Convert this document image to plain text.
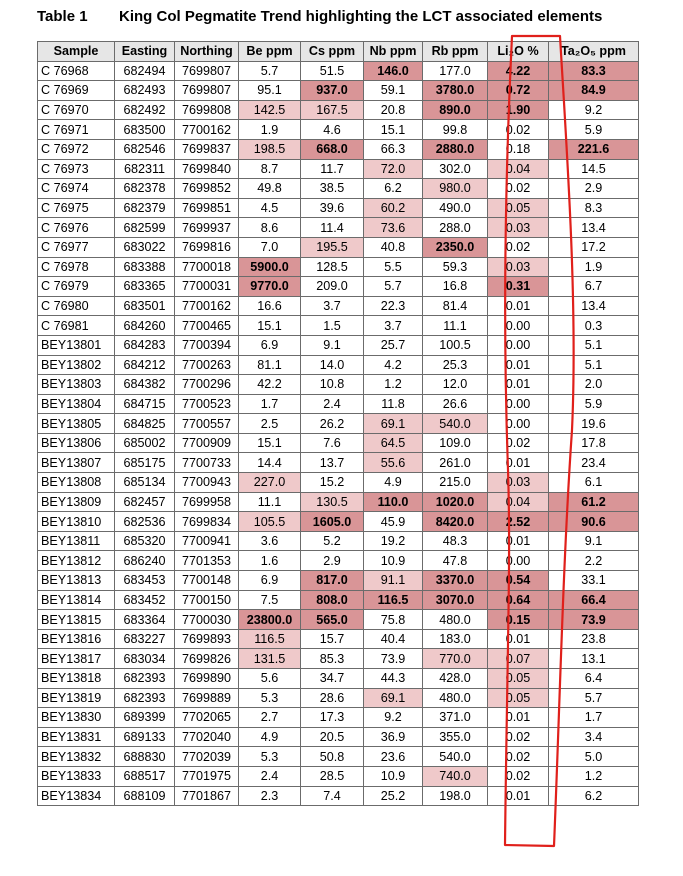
Table 1 King Col Pegmatite Trend highlighting the LCT associated elements
Sample	Easting	Northing	Be ppm	Cs ppm	Nb ppm	Rb ppm	Li₂O %	Ta₂O₅ ppm
C 76968	682494	7699807	5.7	51.5	146.0	177.0	4.22	83.3
C 76969	682493	7699807	95.1	937.0	59.1	3780.0	0.72	84.9
C 76970	682492	7699808	142.5	167.5	20.8	890.0	1.90	9.2
C 76971	683500	7700162	1.9	4.6	15.1	99.8	0.02	5.9
C 76972	682546	7699837	198.5	668.0	66.3	2880.0	0.18	221.6
C 76973	682311	7699840	8.7	11.7	72.0	302.0	0.04	14.5
C 76974	682378	7699852	49.8	38.5	6.2	980.0	0.02	2.9
C 76975	682379	7699851	4.5	39.6	60.2	490.0	0.05	8.3
C 76976	682599	7699937	8.6	11.4	73.6	288.0	0.03	13.4
C 76977	683022	7699816	7.0	195.5	40.8	2350.0	0.02	17.2
C 76978	683388	7700018	5900.0	128.5	5.5	59.3	0.03	1.9
C 76979	683365	7700031	9770.0	209.0	5.7	16.8	0.31	6.7
C 76980	683501	7700162	16.6	3.7	22.3	81.4	0.01	13.4
C 76981	684260	7700465	15.1	1.5	3.7	11.1	0.00	0.3
BEY13801	684283	7700394	6.9	9.1	25.7	100.5	0.00	5.1
BEY13802	684212	7700263	81.1	14.0	4.2	25.3	0.01	5.1
BEY13803	684382	7700296	42.2	10.8	1.2	12.0	0.01	2.0
BEY13804	684715	7700523	1.7	2.4	11.8	26.6	0.00	5.9
BEY13805	684825	7700557	2.5	26.2	69.1	540.0	0.00	19.6
BEY13806	685002	7700909	15.1	7.6	64.5	109.0	0.02	17.8
BEY13807	685175	7700733	14.4	13.7	55.6	261.0	0.01	23.4
BEY13808	685134	7700943	227.0	15.2	4.9	215.0	0.03	6.1
BEY13809	682457	7699958	11.1	130.5	110.0	1020.0	0.04	61.2
BEY13810	682536	7699834	105.5	1605.0	45.9	8420.0	2.52	90.6
BEY13811	685320	7700941	3.6	5.2	19.2	48.3	0.01	9.1
BEY13812	686240	7701353	1.6	2.9	10.9	47.8	0.00	2.2
BEY13813	683453	7700148	6.9	817.0	91.1	3370.0	0.54	33.1
BEY13814	683452	7700150	7.5	808.0	116.5	3070.0	0.64	66.4
BEY13815	683364	7700030	23800.0	565.0	75.8	480.0	0.15	73.9
BEY13816	683227	7699893	116.5	15.7	40.4	183.0	0.01	23.8
BEY13817	683034	7699826	131.5	85.3	73.9	770.0	0.07	13.1
BEY13818	682393	7699890	5.6	34.7	44.3	428.0	0.05	6.4
BEY13819	682393	7699889	5.3	28.6	69.1	480.0	0.05	5.7
BEY13830	689399	7702065	2.7	17.3	9.2	371.0	0.01	1.7
BEY13831	689133	7702040	4.9	20.5	36.9	355.0	0.02	3.4
BEY13832	688830	7702039	5.3	50.8	23.6	540.0	0.02	5.0
BEY13833	688517	7701975	2.4	28.5	10.9	740.0	0.02	1.2
BEY13834	688109	7701867	2.3	7.4	25.2	198.0	0.01	6.2
